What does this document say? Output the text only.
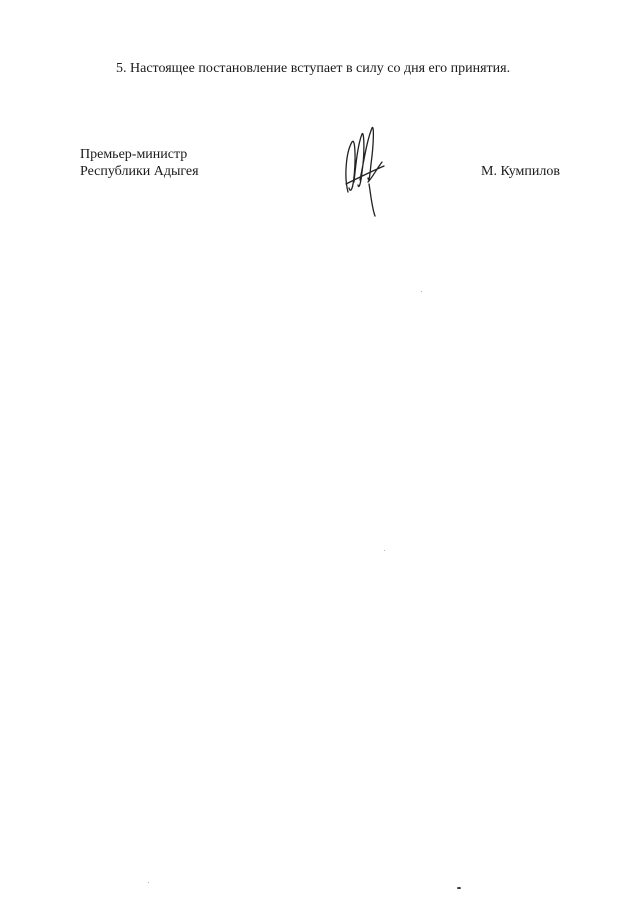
5. Настоящее постановление вступает в силу со дня его принятия.
Премьер-министр
Республики Адыгея	М. Кумпилов
